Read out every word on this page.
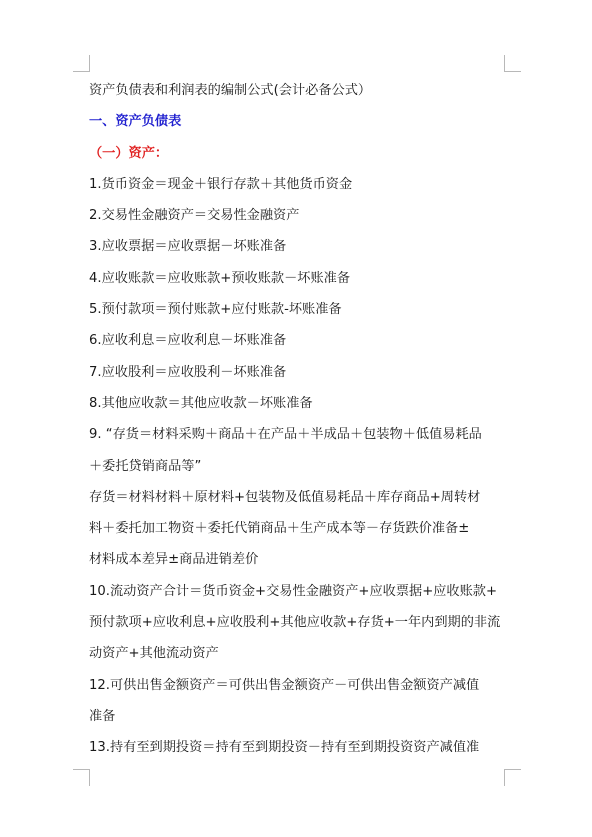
资产负债表和利润表的编制公式(会计必备公式）
一、资产负债表
（一）资产：
1.货币资金＝现金＋银行存款＋其他货币资金
2.交易性金融资产＝交易性金融资产
3.应收票据＝应收票据－坏账准备
4.应收账款＝应收账款+预收账款－坏账准备
5.预付款项＝预付账款+应付账款-坏账准备
6.应收利息＝应收利息－坏账准备
7.应收股利＝应收股利－坏账准备
8.其他应收款＝其他应收款－坏账准备
9. “存货＝材料采购＋商品＋在产品＋半成品＋包装物＋低值易耗品
＋委托贷销商品等”
存货＝材料材料＋原材料+包装物及低值易耗品＋库存商品+周转材
料＋委托加工物资＋委托代销商品＋生产成本等－存货跌价准备±
材料成本差异±商品进销差价
10.流动资产合计＝货币资金+交易性金融资产+应收票据+应收账款+
预付款项+应收利息+应收股利+其他应收款+存货+一年内到期的非流
动资产+其他流动资产
12.可供出售金额资产＝可供出售金额资产－可供出售金额资产减值
准备
13.持有至到期投资＝持有至到期投资－持有至到期投资资产减值准
